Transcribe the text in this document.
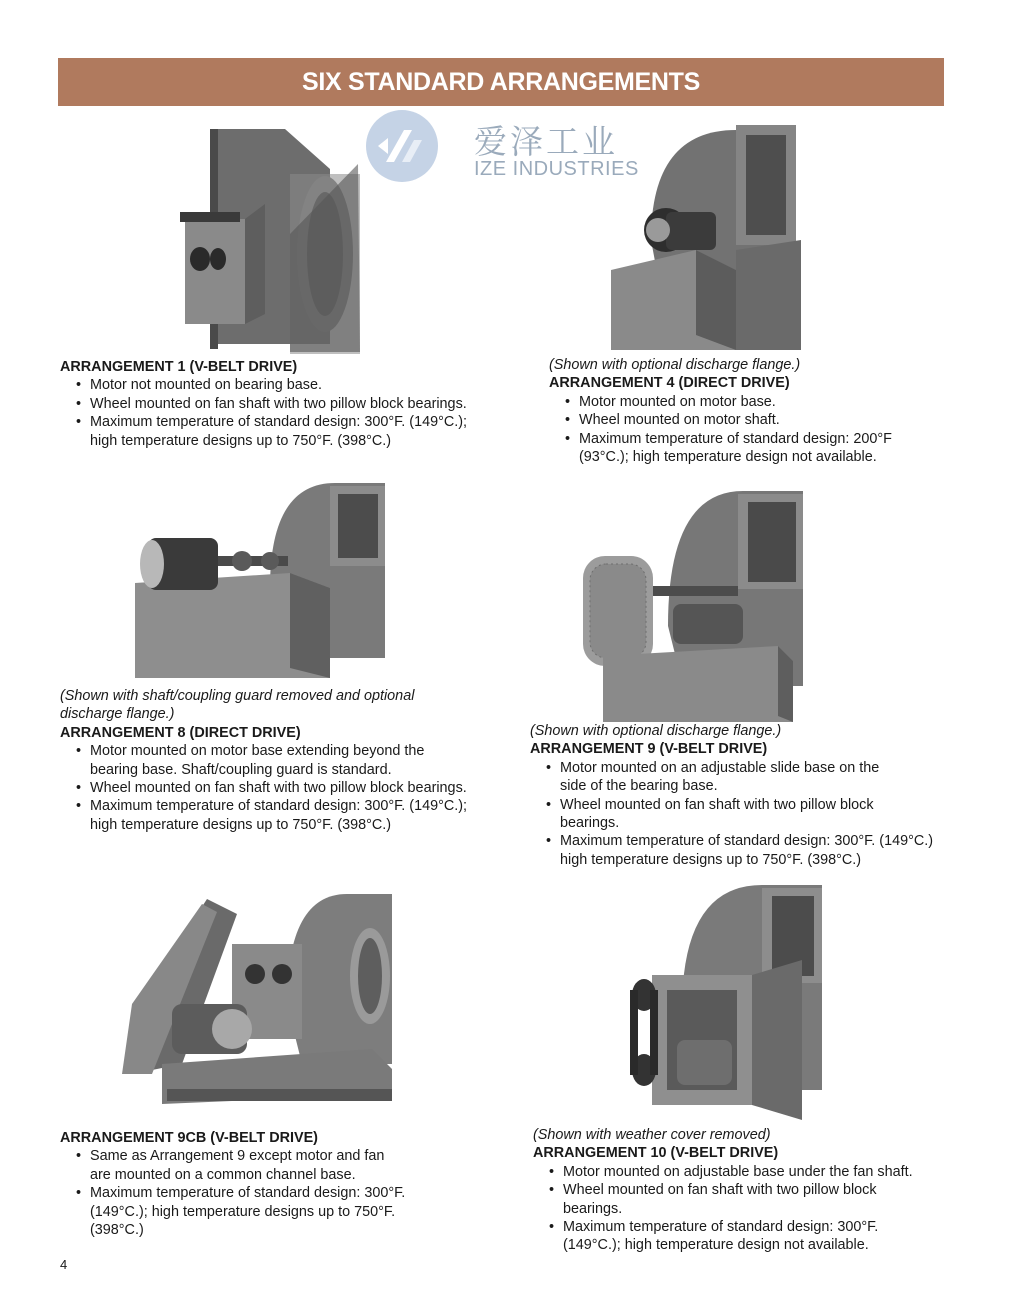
SIX STANDARD ARRANGEMENTS
爱泽工业
IZE INDUSTRIES

ARRANGEMENT 1 (V-BELT DRIVE)

• Motor not mounted on bearing base.
• Wheel mounted on fan shaft with two pillow block bearings.
• Maximum temperature of standard design: 300°F. (149°C.); high temperature designs up to 750°F. (398°C.)

(Shown with optional discharge flange.)

ARRANGEMENT 4 (DIRECT DRIVE)

• Motor mounted on motor base.
• Wheel mounted on motor shaft.
• Maximum temperature of standard design: 200°F (93°C.); high temperature design not available.

(Shown with shaft/coupling guard removed and optional discharge flange.)

ARRANGEMENT 8 (DIRECT DRIVE)

• Motor mounted on motor base extending beyond the bearing base. Shaft/coupling guard is standard.
• Wheel mounted on fan shaft with two pillow block bearings.
• Maximum temperature of standard design: 300°F. (149°C.); high temperature designs up to 750°F. (398°C.)

(Shown with optional discharge flange.)

ARRANGEMENT 9 (V-BELT DRIVE)

• Motor mounted on an adjustable slide base on the side of the bearing base.
• Wheel mounted on fan shaft with two pillow block bearings.
• Maximum temperature of standard design: 300°F. (149°C.) high temperature designs up to 750°F. (398°C.)

ARRANGEMENT 9CB (V-BELT DRIVE)

• Same as Arrangement 9 except motor and fan are mounted on a common channel base.
• Maximum temperature of standard design: 300°F. (149°C.); high temperature designs up to 750°F. (398°C.)

(Shown with weather cover removed)

ARRANGEMENT 10 (V-BELT DRIVE)

• Motor mounted on adjustable base under the fan shaft.
• Wheel mounted on fan shaft with two pillow block bearings.
• Maximum temperature of standard design: 300°F. (149°C.); high temperature design not available.
4
